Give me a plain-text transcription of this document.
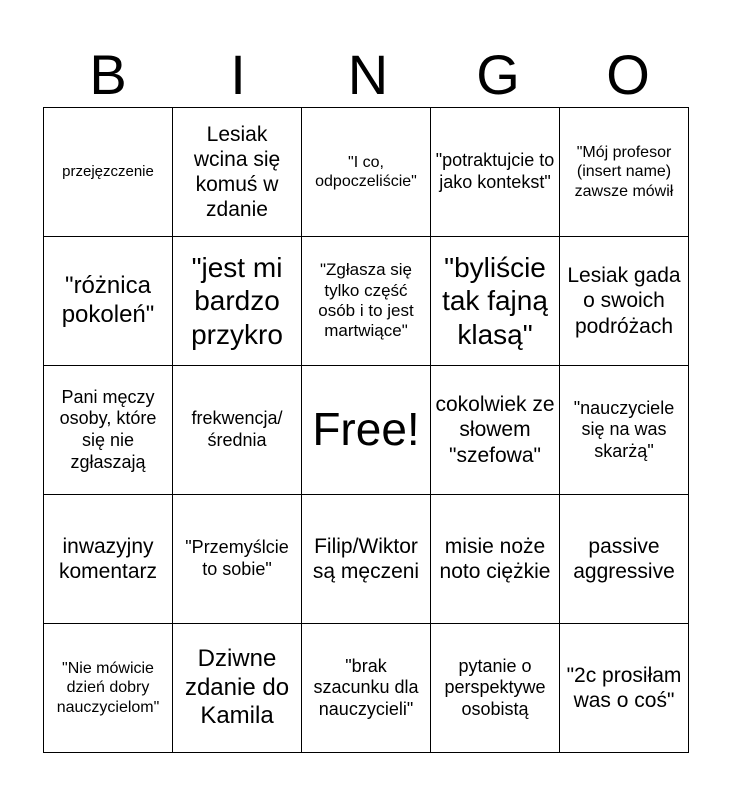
B	I	N	G	O
przejęzczenie	Lesiak wcina się komuś w zdanie	"I co, odpoczeliście"	"potraktujcie to jako kontekst"	"Mój profesor (insert name) zawsze mówił
"różnica pokoleń"	"jest mi bardzo przykro	"Zgłasza się tylko część osób i to jest martwiące"	"byliście tak fajną klasą"	Lesiak gada o swoich podróżach
Pani męczy osoby, które się nie zgłaszają	frekwencja/ średnia	Free!	cokolwiek ze słowem "szefowa"	"nauczyciele się na was skarżą"
inwazyjny komentarz	"Przemyślcie to sobie"	Filip/Wiktor są męczeni	misie noże noto ciężkie	passive aggressive
"Nie mówicie dzień dobry nauczycielom"	Dziwne zdanie do Kamila	"brak szacunku dla nauczycieli"	pytanie o perspektywe osobistą	"2c prosiłam was o coś"
